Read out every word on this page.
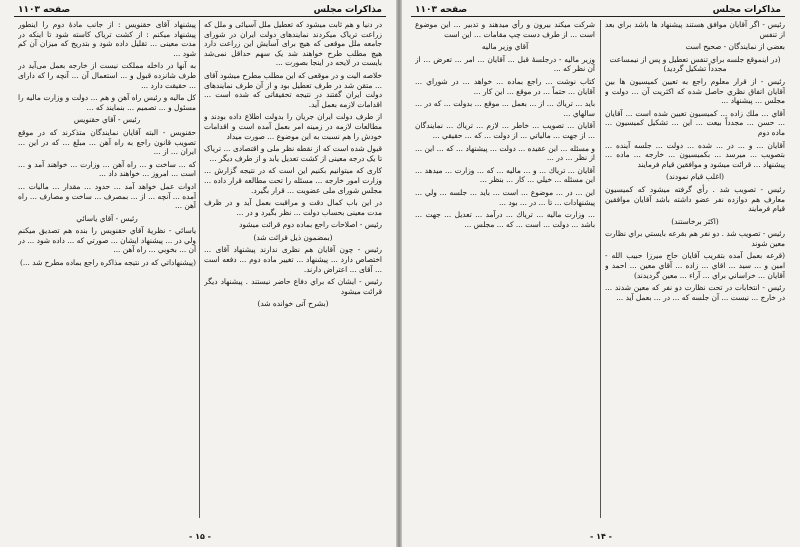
مذاکرات مجلس
صفحه ۱۱۰۳

در دنیا و هم ثابت میشود که تعطیل ملل آسیائی و ملل که زراعت ترياک میکردند نمایندهای دولت ایران در شورای جامعه ملل موقعی که هیچ برای آسایش این زراعت دارد هیچ مطلب طرح خواهند شد یک سهم حداقل نمی‌شد بایست در لایحه در اینجا بصورت ...

خلاصه الیت و در موقعی که این مطلب مطرح میشود آقای ... متقن شد در طرف تعطیل بود و از آن طرف نمایندهای دولت ایران گفتند در نتیجه تحقیقاتی که شده است ... اقدامات لازمه بعمل آید.

از طرف دولت ایران جریان را بدولت اطلاع داده بودند و مطالعات لازمه در زمینه امر بعمل آمده است و اقدامات خودش را هم نسبت به این موضوع ... صورت میداد

قبول شده است که از نقطه نظر ملی و اقتصادی ... ترياک تا یک درجه معینی از کشت تعدیل یابد و از طرف دیگر ...

کاری که میتوانیم بکنیم این است که در نتیجه گزارش ... وزارت امور خارجه ... مسئله را تحت مطالعه قرار داده ... مجلس شورای ملی عضویت ... قرار بگیرد.

در این باب کمال دقت و مراقبت بعمل آید و در ظرف مدت معینی بحساب دولت ... نظر بگیرد و در ...

رئیس - اصلاحات راجع بماده دوم قرائت میشود

(بمضمون ذیل قرائت شد)

رئیس - چون آقایان هم نظری ندارند پیشنهاد آقای ... اختصاص دارد ... پیشنهاد ... تغییر ماده دوم ... دفعه است ... آقای ... اعتراض دارند.

رئیس - ایشان که براي دفاع حاضر نیستند . پیشنهاد دیگر قرائت میشود

(بشرح آتی خوانده شد)

پیشنهاد آقای حقنویس : از جانب مادهٔ دوم را اینطور پیشنهاد میکنم : از کشت ترياک کاسته شود تا اینکه در مدت معینی ... تقلیل داده شود و بتدریج که میزان آن کم شود ...

به آنها در داخله مملکت نیست از خارجه بعمل می‌آید در طرف شانزده قبول و ... استعمال آن ... آنچه را که دارای ... حقیقت دارد ...

کل ماليه و رئیس راه آهن و هم ... دولت و وزارت ماليه را مسئول و ... تصمیم ... بنمایند که ...

رئيس - آقاي حقنويس

حقنويس - البته آقايان نمايندگان متذكرند كه در موقع تصويب قانون راجع به راه آهن ... مبلغ ... كه در این ... ایران ... از ...

كه ... ساخت و ... راه آهن ... وزارت ... خواهند آمد و ... است ... امروز ... خواهند داد ...

ادوات عمل خواهد آمد ... حدود ... مقدار ... ماليات ... آمده ... آنچه ... از ... بمصرف ... ساخت و مصارف ... راه آهن ...

رئيس - آقاي ياسائي

ياسائي - نظريهٔ آقاي حقنويس را بنده هم تصديق ميكنم ولي در ... پيشنهاد ايشان ... صورتي كه ... داده شود ... در آن ... بخوبي ... راه آهن ...

(پيشنهاداتي كه در نتيجه مذاكره راجع بماده مطرح شد ...)

- ۱۵ -
مذاکرات مجلس
صفحه ۱۱۰۳

رئيس - اگر آقايان موافق هستند پيشنهاد ها باشد براي بعد از تنفس

بعضي از نمايندگان - صحيح است

(در اينموقع جلسه براي تنفس تعطيل و پس از نيمساعت مجدداً تشكيل گرديد)

رئيس - از قرار معلوم راجع به تعيين كميسيون ها بين آقايان اتفاق نظري حاصل شده كه اكثريت آن ... دولت و مجلس ... پيشنهاد ...

آقاي ... ملك زاده ... كميسيون تعيين شده است ... آقايان ... حسن ... مجدداً بيعت ... اين ... تشكيل كميسيون ... ماده دوم

آقايان ... و ... در ... شده ... دولت ... جلسه آينده ... بتصويب ... ميرسد ... بكميسيون ... خارجه ... ماده ... پيشنهاد ... قرائت ميشود و موافقين قيام فرمايند

(اغلب قيام نمودند)

رئيس - تصويب شد . رأي گرفته ميشود كه كميسيون معارف هم دوازده نفر عضو داشته باشد آقايان موافقين قيام فرمايند

(اكثر برخاستند)

رئيس - تصويب شد . دو نفر هم بقرعه بايستي براي نظارت معين شوند

(قرعه بعمل آمده بتقريب آقايان حاج ميرزا حبيب الله - امين و ... سيد ... اقاي ... زاده ... آقاي معين ... احمد و آقايان ... خراساني براي ... آراء ... معين گرديدند)

رئيس - انتخابات در تحت نظارت دو نفر كه معين شدند ... در خارج ... نيست ... آن جلسه كه ... در ... بعمل آيد ...

شركت ميكند بيرون و رأي ميدهند و تدبير ... اين موضوع است ... از طرف دست چپ مقامات ... اين است

آقاي وزير ماليه

وزير ماليه - درجلسهٔ قبل ... آقايان ... امر ... تعرض ... از آن نظر كه ...

كتاب نوشت ... راجع بماده ... خواهد ... در شوراي ... آقايان ... حتماً ... در موقع ... اين كار ...

بايد ... ترياك ... از ... بعمل ... موقع ... بدولت ... كه در ... سالهاي ...

آقايان ... تصويب ... خاطر ... لازم ... ترياك ... نمايندگان ... از جهت ... مالياتي ... از دولت ... كه ... حقيقي ...

و مسئله ... اين عقيده ... دولت ... پيشنهاد ... كه ... اين ... از نظر ... در ...

آقايان ... ترياك ... و ... ماليه ... كه ... وزارت ... ميدهد ... اين مسئله ... خيلي ... كار ... بنظر ...

اين ... در ... موضوع ... است ... بايد ... جلسه ... ولي ... پيشنهادات ... تا ... در ... بود ...

... وزارت ماليه ... ترياك ... درآمد ... تعديل ... جهت ... باشد ... دولت ... است ... كه ... مجلس ...

- ۱۴ -
